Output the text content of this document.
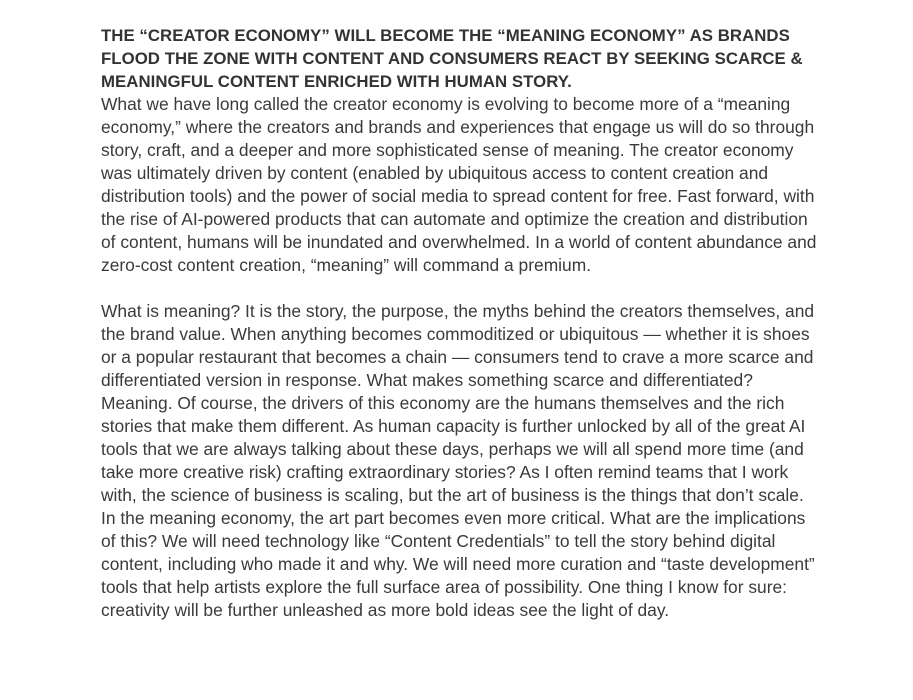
THE “CREATOR ECONOMY” WILL BECOME THE “MEANING ECONOMY” AS BRANDS FLOOD THE ZONE WITH CONTENT AND CONSUMERS REACT BY SEEKING SCARCE & MEANINGFUL CONTENT ENRICHED WITH HUMAN STORY.

What we have long called the creator economy is evolving to become more of a “meaning economy,” where the creators and brands and experiences that engage us will do so through story, craft, and a deeper and more sophisticated sense of meaning. The creator economy was ultimately driven by content (enabled by ubiquitous access to content creation and distribution tools) and the power of social media to spread content for free. Fast forward, with the rise of AI-powered products that can automate and optimize the creation and distribution of content, humans will be inundated and overwhelmed. In a world of content abundance and zero-cost content creation, “meaning” will command a premium.

What is meaning? It is the story, the purpose, the myths behind the creators themselves, and the brand value. When anything becomes commoditized or ubiquitous — whether it is shoes or a popular restaurant that becomes a chain — consumers tend to crave a more scarce and differentiated version in response. What makes something scarce and differentiated? Meaning. Of course, the drivers of this economy are the humans themselves and the rich stories that make them different. As human capacity is further unlocked by all of the great AI tools that we are always talking about these days, perhaps we will all spend more time (and take more creative risk) crafting extraordinary stories? As I often remind teams that I work with, the science of business is scaling, but the art of business is the things that don’t scale. In the meaning economy, the art part becomes even more critical. What are the implications of this? We will need technology like “Content Credentials” to tell the story behind digital content, including who made it and why. We will need more curation and “taste development” tools that help artists explore the full surface area of possibility. One thing I know for sure: creativity will be further unleashed as more bold ideas see the light of day.
